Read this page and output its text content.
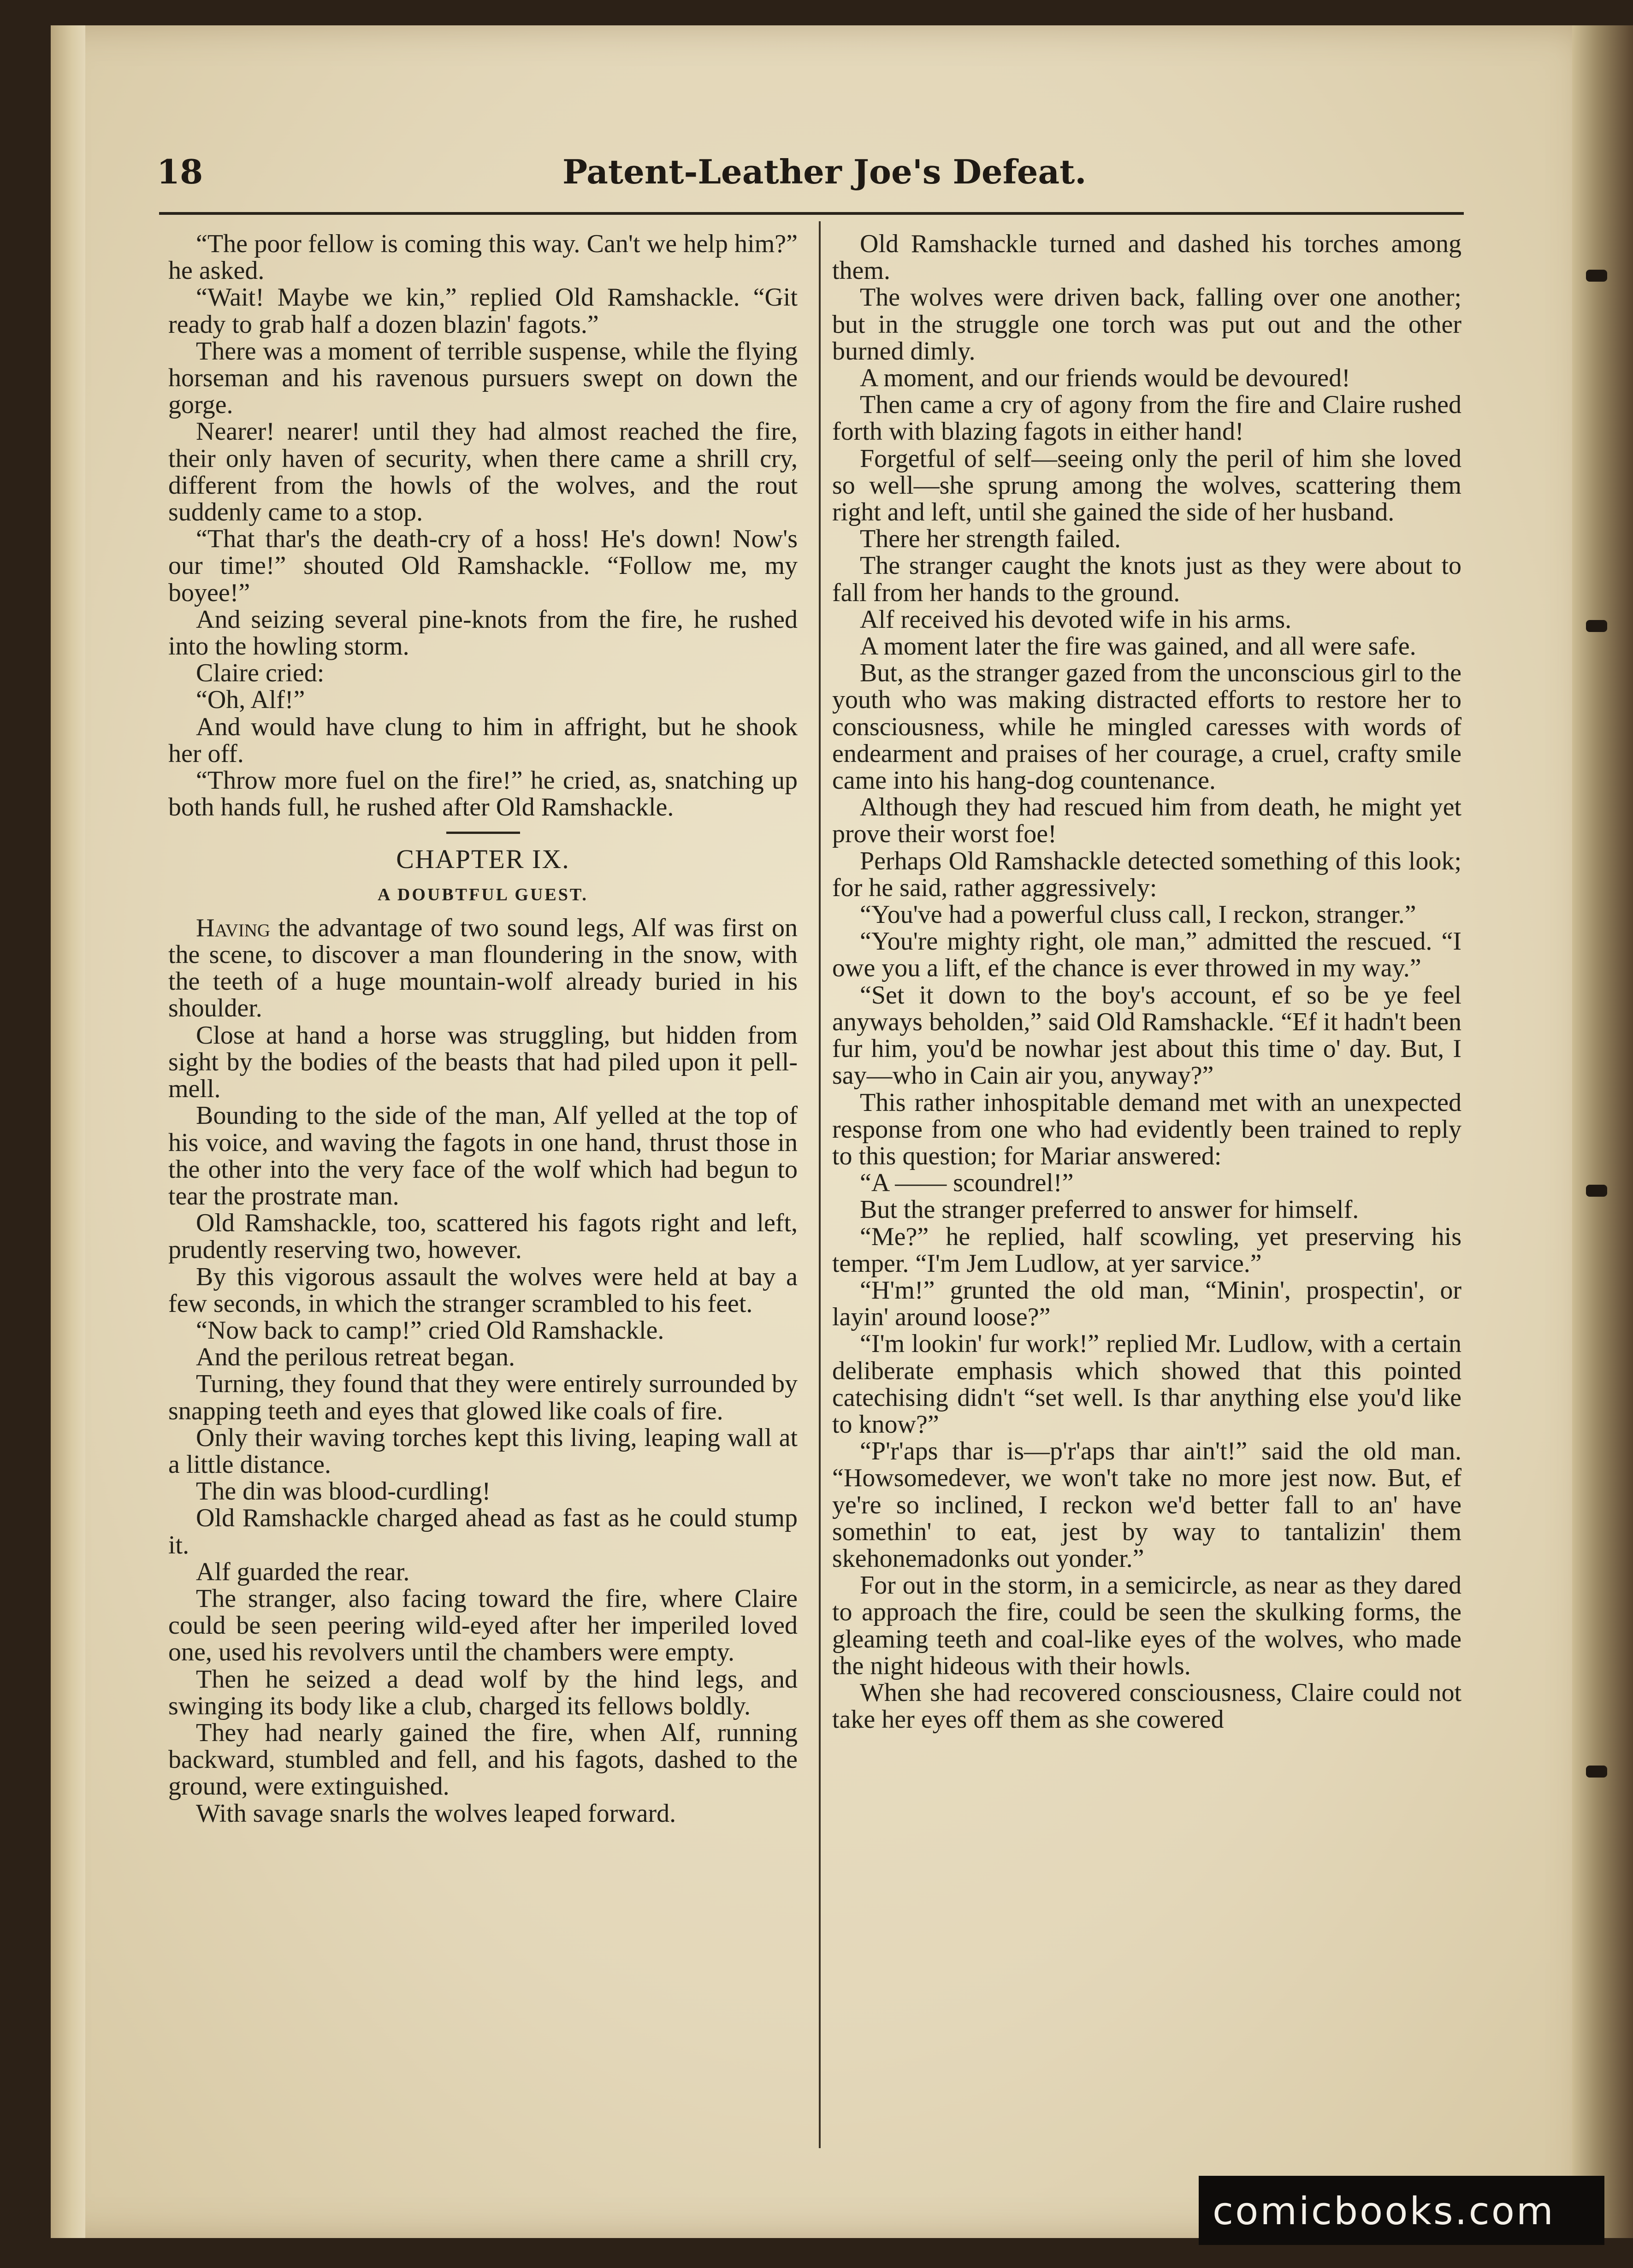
18	Patent-Leather Joe's Defeat.

“The poor fellow is coming this way. Can't we help him?” he asked.

“Wait! Maybe we kin,” replied Old Ramshackle. “Git ready to grab half a dozen blazin' fagots.”

There was a moment of terrible suspense, while the flying horseman and his ravenous pursuers swept on down the gorge.

Nearer! nearer! until they had almost reached the fire, their only haven of security, when there came a shrill cry, different from the howls of the wolves, and the rout suddenly came to a stop.

“That thar's the death-cry of a hoss! He's down! Now's our time!” shouted Old Ramshackle. “Follow me, my boyee!”

And seizing several pine-knots from the fire, he rushed into the howling storm.

Claire cried:

“Oh, Alf!”

And would have clung to him in affright, but he shook her off.

“Throw more fuel on the fire!” he cried, as, snatching up both hands full, he rushed after Old Ramshackle.

CHAPTER IX.

A DOUBTFUL GUEST.

Having the advantage of two sound legs, Alf was first on the scene, to discover a man floundering in the snow, with the teeth of a huge mountain-wolf already buried in his shoulder.

Close at hand a horse was struggling, but hidden from sight by the bodies of the beasts that had piled upon it pell-mell.

Bounding to the side of the man, Alf yelled at the top of his voice, and waving the fagots in one hand, thrust those in the other into the very face of the wolf which had begun to tear the prostrate man.

Old Ramshackle, too, scattered his fagots right and left, prudently reserving two, however.

By this vigorous assault the wolves were held at bay a few seconds, in which the stranger scrambled to his feet.

“Now back to camp!” cried Old Ramshackle.

And the perilous retreat began.

Turning, they found that they were entirely surrounded by snapping teeth and eyes that glowed like coals of fire.

Only their waving torches kept this living, leaping wall at a little distance.

The din was blood-curdling!

Old Ramshackle charged ahead as fast as he could stump it.

Alf guarded the rear.

The stranger, also facing toward the fire, where Claire could be seen peering wild-eyed after her imperiled loved one, used his revolvers until the chambers were empty.

Then he seized a dead wolf by the hind legs, and swinging its body like a club, charged its fellows boldly.

They had nearly gained the fire, when Alf, running backward, stumbled and fell, and his fagots, dashed to the ground, were extinguished.

With savage snarls the wolves leaped forward.

Old Ramshackle turned and dashed his torches among them.

The wolves were driven back, falling over one another; but in the struggle one torch was put out and the other burned dimly.

A moment, and our friends would be devoured!

Then came a cry of agony from the fire and Claire rushed forth with blazing fagots in either hand!

Forgetful of self—seeing only the peril of him she loved so well—she sprung among the wolves, scattering them right and left, until she gained the side of her husband.

There her strength failed.

The stranger caught the knots just as they were about to fall from her hands to the ground.

Alf received his devoted wife in his arms.

A moment later the fire was gained, and all were safe.

But, as the stranger gazed from the unconscious girl to the youth who was making distracted efforts to restore her to consciousness, while he mingled caresses with words of endearment and praises of her courage, a cruel, crafty smile came into his hang-dog countenance.

Although they had rescued him from death, he might yet prove their worst foe!

Perhaps Old Ramshackle detected something of this look; for he said, rather aggressively:

“You've had a powerful cluss call, I reckon, stranger.”

“You're mighty right, ole man,” admitted the rescued. “I owe you a lift, ef the chance is ever throwed in my way.”

“Set it down to the boy's account, ef so be ye feel anyways beholden,” said Old Ramshackle. “Ef it hadn't been fur him, you'd be nowhar jest about this time o' day. But, I say—who in Cain air you, anyway?”

This rather inhospitable demand met with an unexpected response from one who had evidently been trained to reply to this question; for Mariar answered:

“A —— scoundrel!”

But the stranger preferred to answer for himself.

“Me?” he replied, half scowling, yet preserving his temper. “I'm Jem Ludlow, at yer sarvice.”

“H'm!” grunted the old man, “Minin', prospectin', or layin' around loose?”

“I'm lookin' fur work!” replied Mr. Ludlow, with a certain deliberate emphasis which showed that this pointed catechising didn't “set well. Is thar anything else you'd like to know?”

“P'r'aps thar is—p'r'aps thar ain't!” said the old man. “Howsomedever, we won't take no more jest now. But, ef ye're so inclined, I reckon we'd better fall to an' have somethin' to eat, jest by way to tantalizin' them skehonemadonks out yonder.”

For out in the storm, in a semicircle, as near as they dared to approach the fire, could be seen the skulking forms, the gleaming teeth and coal-like eyes of the wolves, who made the night hideous with their howls.

When she had recovered consciousness, Claire could not take her eyes off them as she cowered

comicbooks.com
